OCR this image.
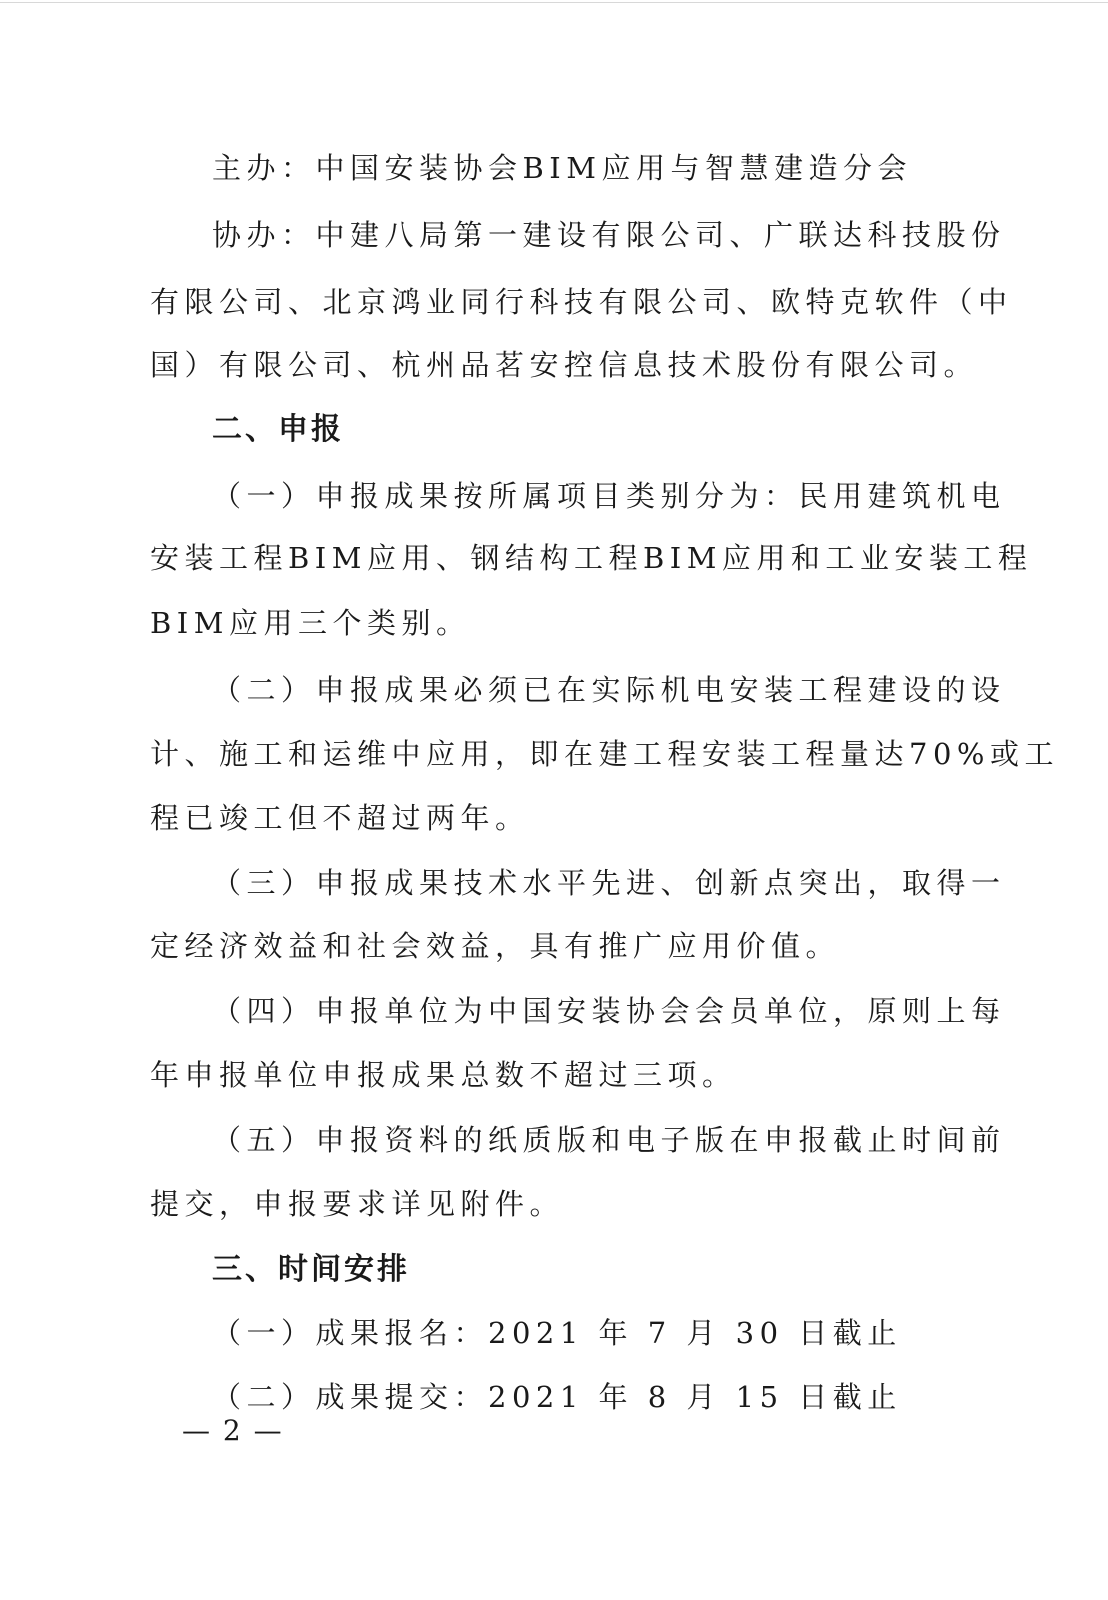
主办：中国安装协会BIM应用与智慧建造分会
协办：中建八局第一建设有限公司、广联达科技股份
有限公司、北京鸿业同行科技有限公司、欧特克软件（中
国）有限公司、杭州品茗安控信息技术股份有限公司。
二、申报
（一）申报成果按所属项目类别分为：民用建筑机电
安装工程BIM应用、钢结构工程BIM应用和工业安装工程
BIM应用三个类别。
（二）申报成果必须已在实际机电安装工程建设的设
计、施工和运维中应用，即在建工程安装工程量达70%或工
程已竣工但不超过两年。
（三）申报成果技术水平先进、创新点突出，取得一
定经济效益和社会效益，具有推广应用价值。
（四）申报单位为中国安装协会会员单位，原则上每
年申报单位申报成果总数不超过三项。
（五）申报资料的纸质版和电子版在申报截止时间前
提交，申报要求详见附件。
三、时间安排
（一）成果报名：2021 年 7 月 30 日截止
（二）成果提交：2021 年 8 月 15 日截止
— 2 —
